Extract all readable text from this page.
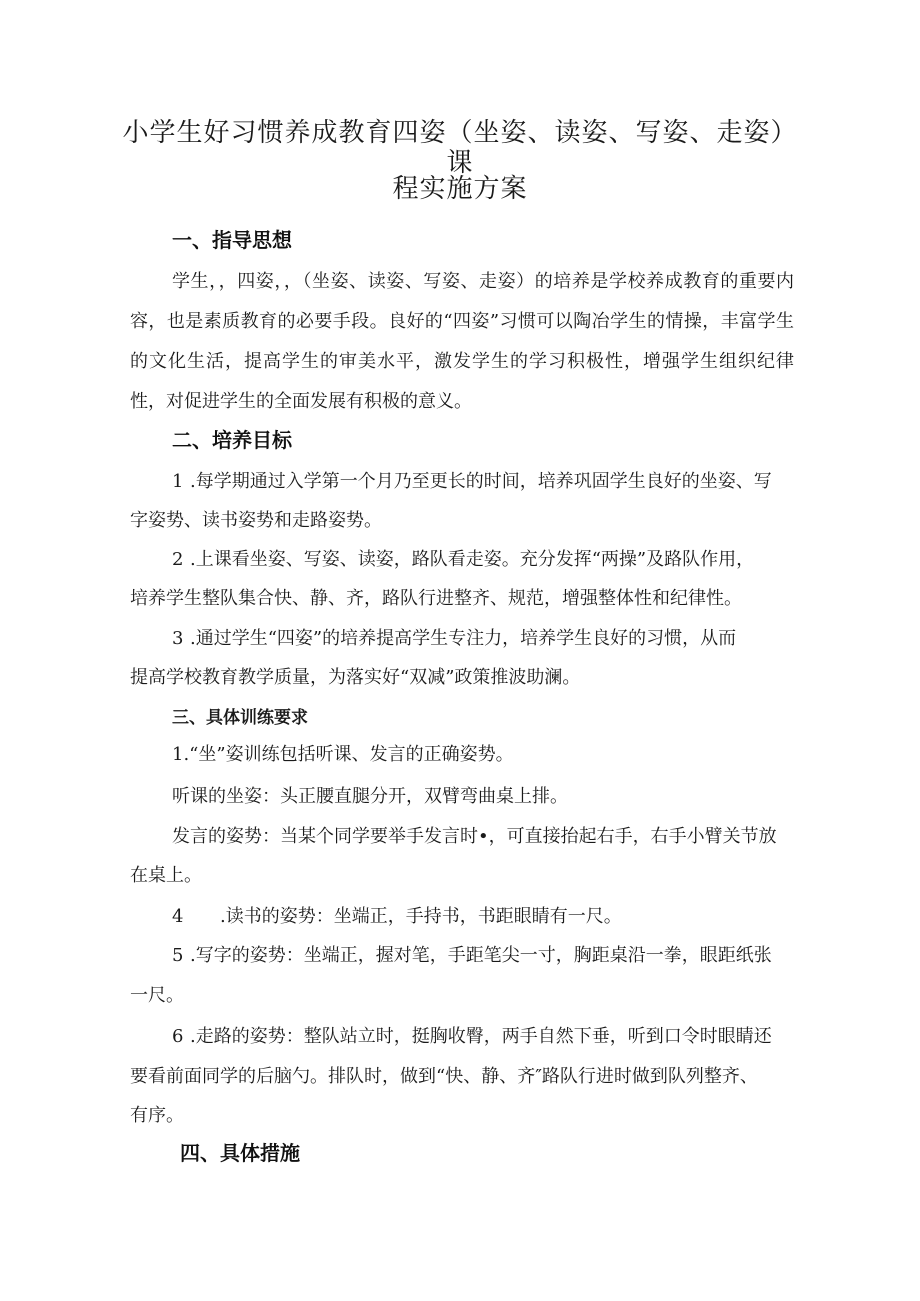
小学生好习惯养成教育四姿（坐姿、读姿、写姿、走姿）课
程实施方案
一、指导思想

学生，，四姿，，（坐姿、读姿、写姿、走姿）的培养是学校养成教育的重要内容，也是素质教育的必要手段。良好的“四姿”习惯可以陶冶学生的情操，丰富学生的文化生活，提高学生的审美水平，激发学生的学习积极性，增强学生组织纪律性，对促进学生的全面发展有积极的意义。

二、培养目标
1 .每学期通过入学第一个月乃至更长的时间，培养巩固学生良好的坐姿、写
字姿势、读书姿势和走路姿势。
2 .上课看坐姿、写姿、读姿，路队看走姿。充分发挥“两操”及路队作用，
培养学生整队集合快、静、齐，路队行进整齐、规范，增强整体性和纪律性。
3 .通过学生“四姿”的培养提高学生专注力，培养学生良好的习惯，从而
提高学校教育教学质量，为落实好“双减”政策推波助澜。
三、具体训练要求
1.“坐”姿训练包括听课、发言的正确姿势。
听课的坐姿：头正腰直腿分开，双臂弯曲桌上排。
发言的姿势：当某个同学要举手发言时•，可直接抬起右手，右手小臂关节放
在桌上。
4 .读书的姿势：坐端正，手持书，书距眼睛有一尺。
5 .写字的姿势：坐端正，握对笔，手距笔尖一寸，胸距桌沿一拳，眼距纸张
一尺。
6 .走路的姿势：整队站立时，挺胸收臀，两手自然下垂，听到口令时眼睛还
要看前面同学的后脑勺。排队时，做到“快、静、齐″路队行进时做到队列整齐、
有序。
四、具体措施
